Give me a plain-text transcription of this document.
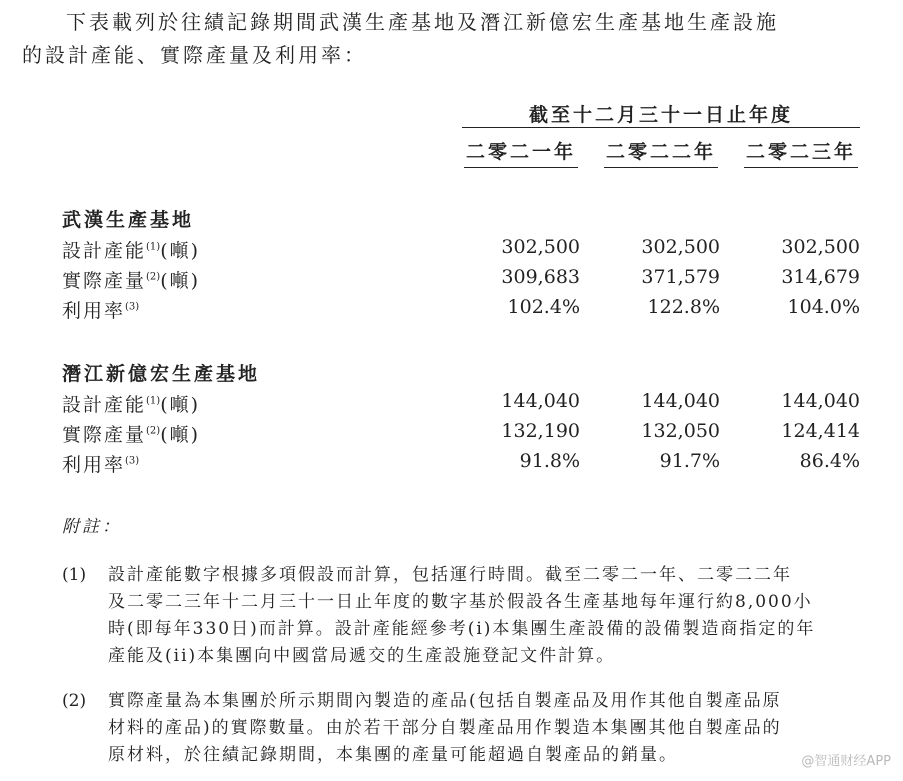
下表載列於往績記錄期間武漢生產基地及潛江新億宏生產基地生產設施
的設計產能、實際產量及利用率：
截至十二月三十一日止年度
二零二一年 二零二二年 二零二三年
武漢生產基地
設計產能$^{(1)}$(噸)	302,500	302,500	302,500
實際產量$^{(2)}$(噸)	309,683	371,579	314,679
利用率$^{(3)}$	102.4%	122.8%	104.0%
潛江新億宏生產基地
設計產能$^{(1)}$(噸)	144,040	144,040	144,040
實際產量$^{(2)}$(噸)	132,190	132,050	124,414
利用率$^{(3)}$	91.8%	91.7%	86.4%
附註：
(1) 設計產能數字根據多項假設而計算，包括運行時間。截至二零二一年、二零二二年
及二零二三年十二月三十一日止年度的數字基於假設各生產基地每年運行約8,000小
時(即每年330日)而計算。設計產能經參考(i)本集團生產設備的設備製造商指定的年
產能及(ii)本集團向中國當局遞交的生產設施登記文件計算。
(2) 實際產量為本集團於所示期間內製造的產品(包括自製產品及用作其他自製產品原
材料的產品)的實際數量。由於若干部分自製產品用作製造本集團其他自製產品的
原材料，於往績記錄期間，本集團的產量可能超過自製產品的銷量。	@智通财经APP
